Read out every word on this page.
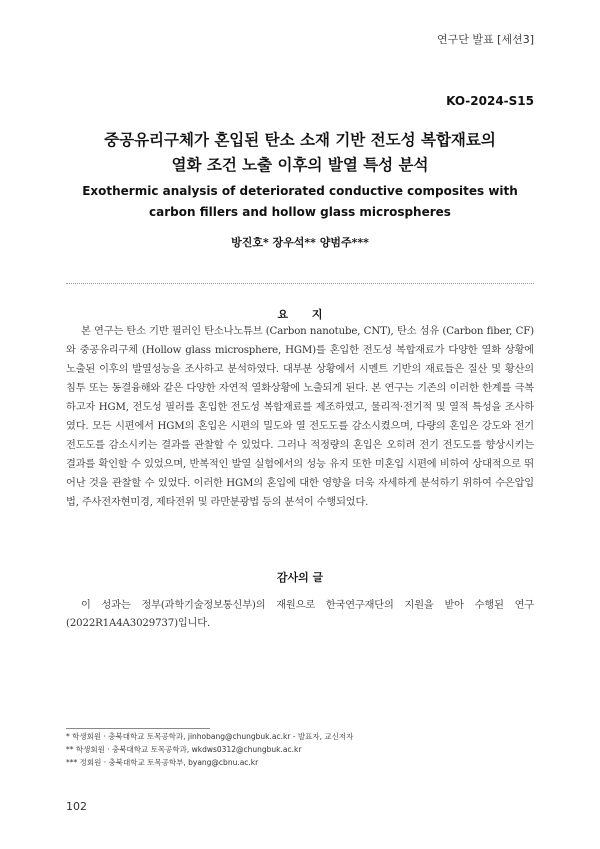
연구단 발표 [세션3]
KO-2024-S15
중공유리구체가 혼입된 탄소 소재 기반 전도성 복합재료의
열화 조건 노출 이후의 발열 특성 분석
Exothermic analysis of deteriorated conductive composites with
carbon fillers and hollow glass microspheres
방진호* 장우석** 양범주***
요 지

본 연구는 탄소 기반 필러인 탄소나노튜브 (Carbon nanotube, CNT), 탄소 섬유 (Carbon fiber, CF)와 중공유리구체 (Hollow glass microsphere, HGM)를 혼입한 전도성 복합재료가 다양한 열화 상황에 노출된 이후의 발열성능을 조사하고 분석하였다. 대부분 상황에서 시멘트 기반의 재료들은 질산 및 황산의 침투 또는 동결융해와 같은 다양한 자연적 열화상황에 노출되게 된다. 본 연구는 기존의 이러한 한계를 극복하고자 HGM, 전도성 필러를 혼입한 전도성 복합재료를 제조하였고, 물리적·전기적 및 열적 특성을 조사하였다. 모든 시편에서 HGM의 혼입은 시편의 밀도와 열 전도도를 감소시켰으며, 다량의 혼입은 강도와 전기 전도도를 감소시키는 결과를 관찰할 수 있었다. 그러나 적정량의 혼입은 오히려 전기 전도도를 향상시키는 결과를 확인할 수 있었으며, 반복적인 발열 실험에서의 성능 유지 또한 미혼입 시편에 비하여 상대적으로 뛰어난 것을 관찰할 수 있었다. 이러한 HGM의 혼입에 대한 영향을 더욱 자세하게 분석하기 위하여 수은압입법, 주사전자현미경, 제타전위 및 라만분광법 등의 분석이 수행되었다.

감사의 글

이 성과는 정부(과학기술정보통신부)의 재원으로 한국연구재단의 지원을 받아 수행된 연구(2022R1A4A3029737)입니다.

* 학생회원 · 충북대학교 토목공학과, jinhobang@chungbuk.ac.kr - 발표자, 교신저자
** 학생회원 · 충북대학교 토목공학과, wkdws0312@chungbuk.ac.kr
*** 정회원 · 충북대학교 토목공학부, byang@cbnu.ac.kr
102
